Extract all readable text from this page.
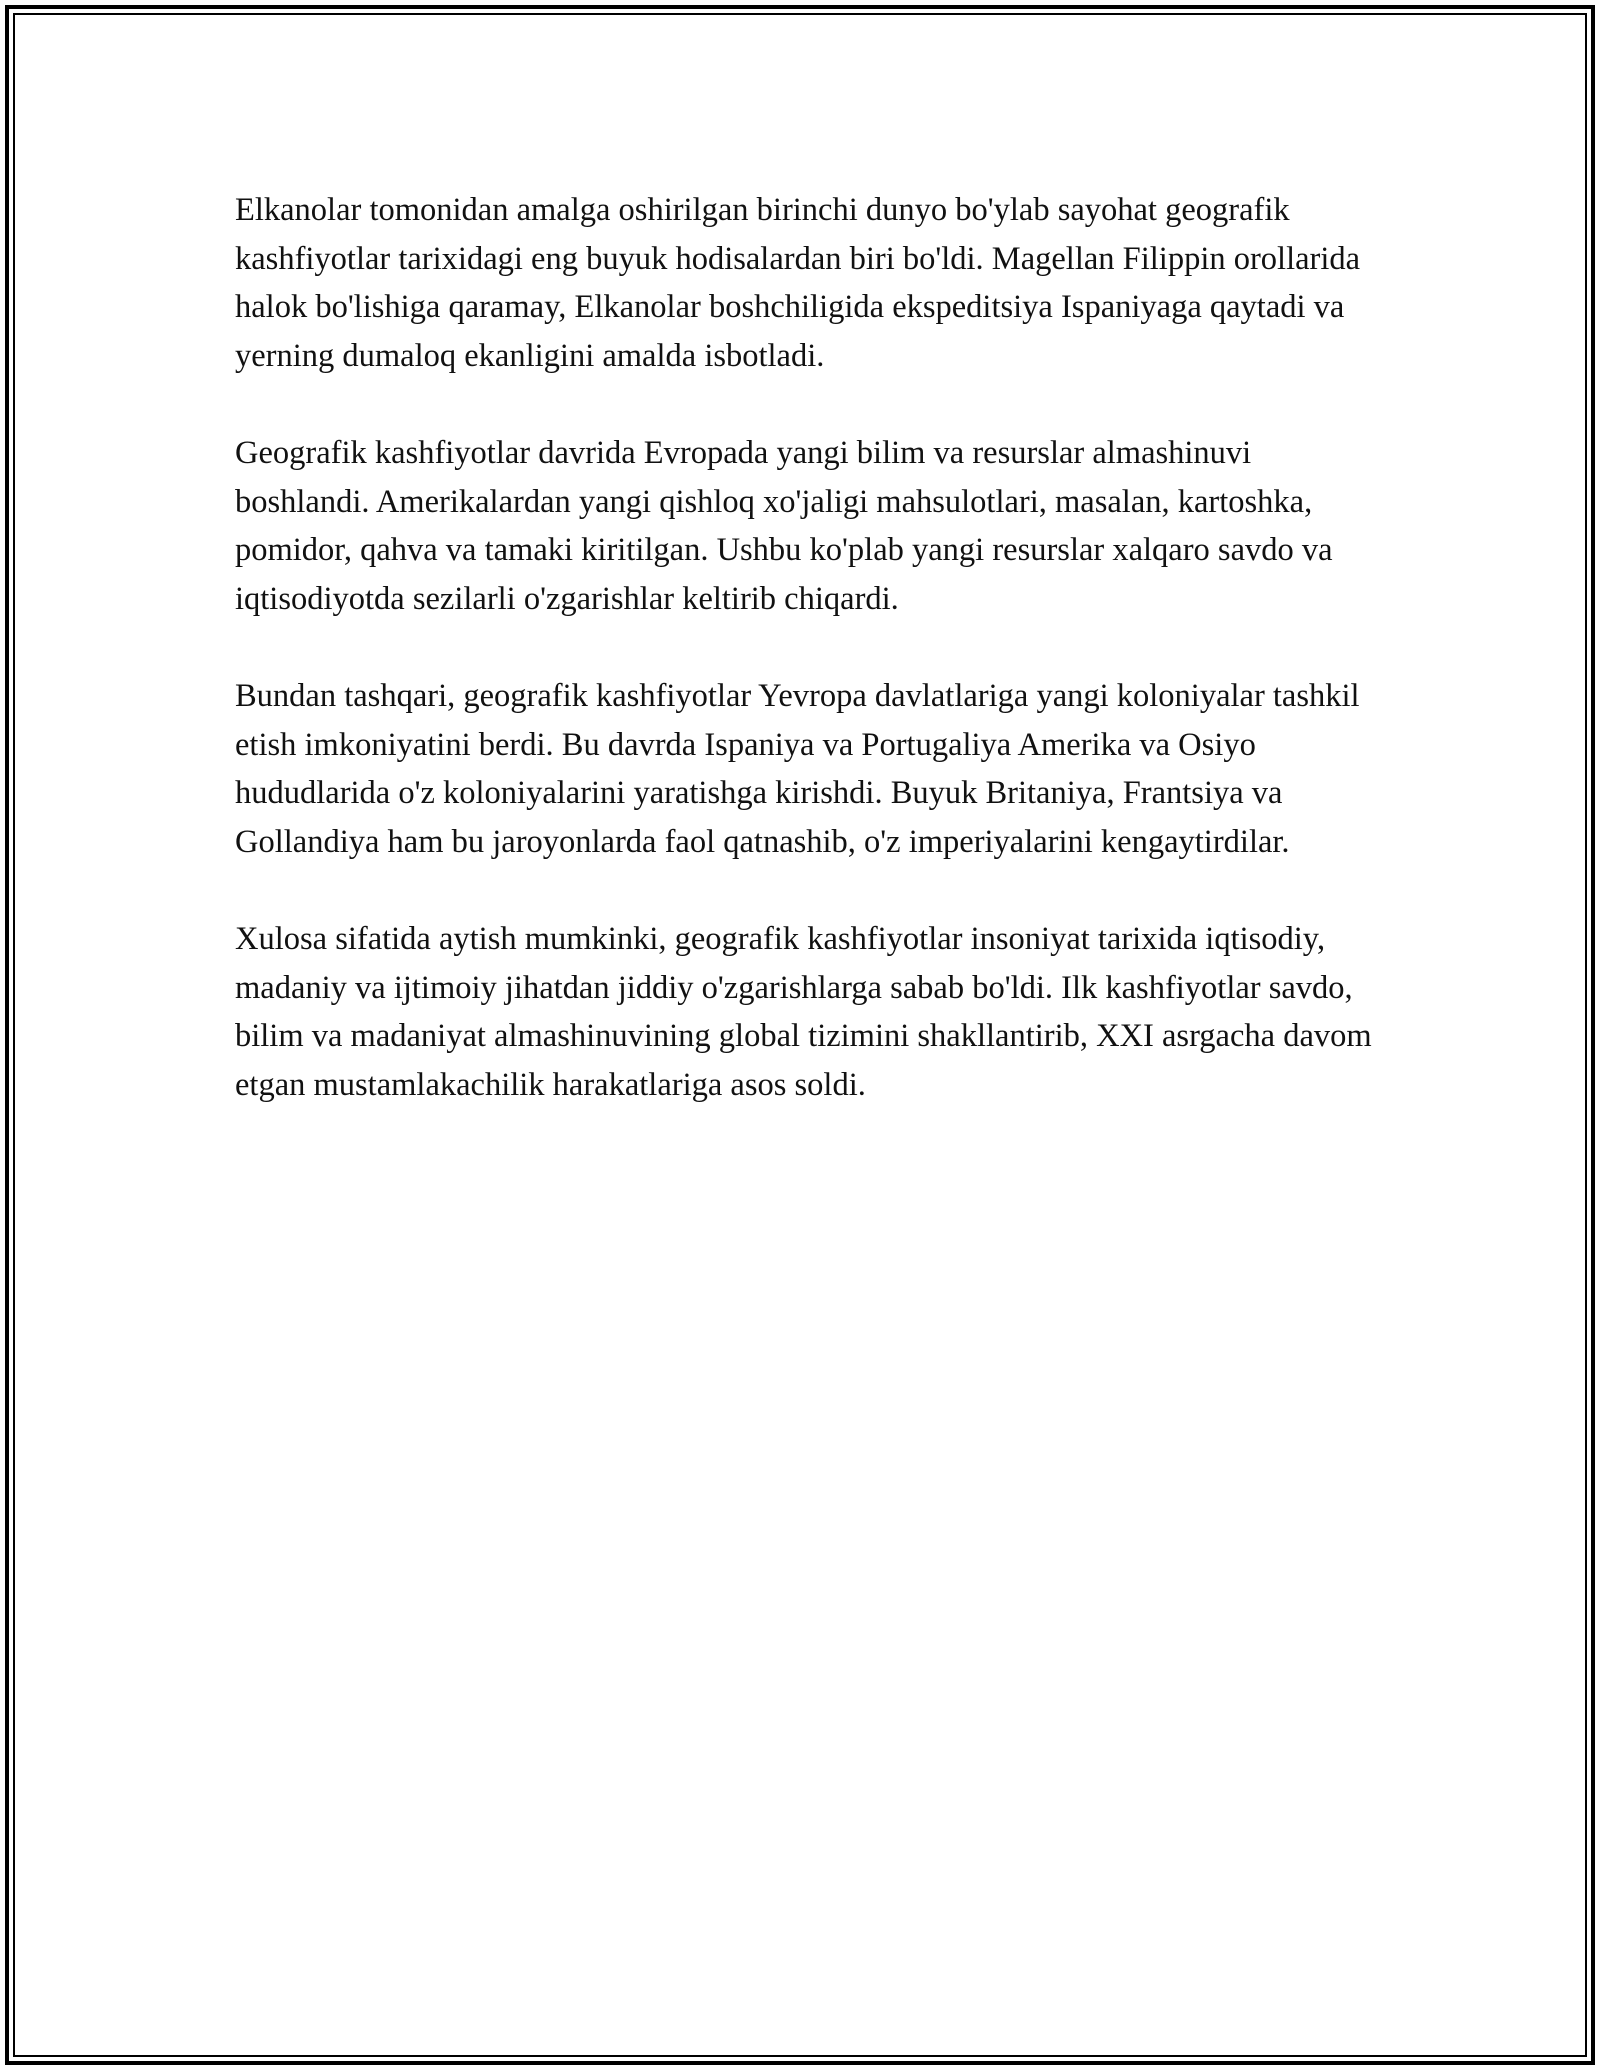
Elkanolar tomonidan amalga oshirilgan birinchi dunyo bo'ylab sayohat geografik kashfiyotlar tarixidagi eng buyuk hodisalardan biri bo'ldi. Magellan Filippin orollarida halok bo'lishiga qaramay, Elkanolar boshchiligida ekspeditsiya Ispaniyaga qaytadi va yerning dumaloq ekanligini amalda isbotladi.

Geografik kashfiyotlar davrida Evropada yangi bilim va resurslar almashinuvi boshlandi. Amerikalardan yangi qishloq xo'jaligi mahsulotlari, masalan, kartoshka, pomidor, qahva va tamaki kiritilgan. Ushbu ko'plab yangi resurslar xalqaro savdo va iqtisodiyotda sezilarli o'zgarishlar keltirib chiqardi.

Bundan tashqari, geografik kashfiyotlar Yevropa davlatlariga yangi koloniyalar tashkil etish imkoniyatini berdi. Bu davrda Ispaniya va Portugaliya Amerika va Osiyo hududlarida o'z koloniyalarini yaratishga kirishdi. Buyuk Britaniya, Frantsiya va Gollandiya ham bu jaroyonlarda faol qatnashib, o'z imperiyalarini kengaytirdilar.

Xulosa sifatida aytish mumkinki, geografik kashfiyotlar insoniyat tarixida iqtisodiy, madaniy va ijtimoiy jihatdan jiddiy o'zgarishlarga sabab bo'ldi. Ilk kashfiyotlar savdo, bilim va madaniyat almashinuvining global tizimini shakllantirib, XXI asrgacha davom etgan mustamlakachilik harakatlariga asos soldi.
